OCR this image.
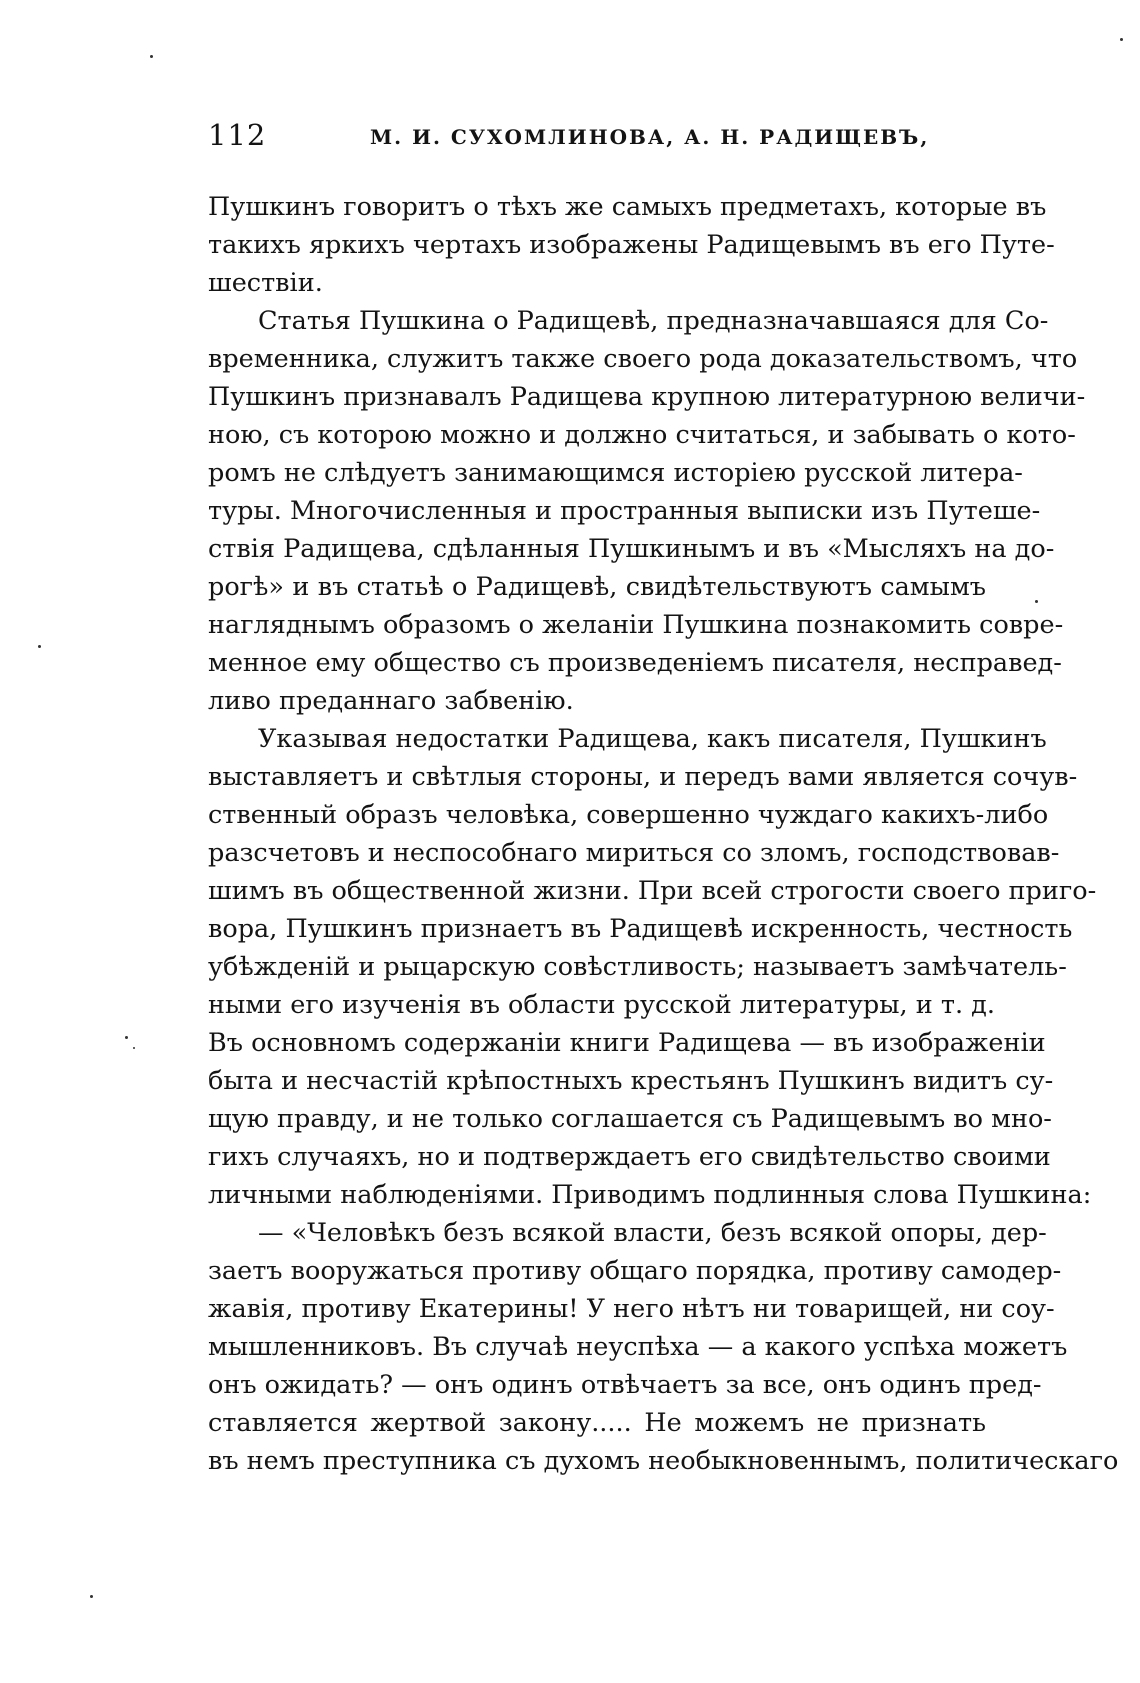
112	М. И. СУХОМЛИНОВА, А. Н. РАДИЩЕВЪ,
Пушкинъ говоритъ о тѣхъ же самыхъ предметахъ, которые въ
такихъ яркихъ чертахъ изображены Радищевымъ въ его Путе-
шествіи.
Статья Пушкина о Радищевѣ, предназначавшаяся для Со-
временника, служитъ также своего рода доказательствомъ, что
Пушкинъ признавалъ Радищева крупною литературною величи-
ною, съ которою можно и должно считаться, и забывать о кото-
ромъ не слѣдуетъ занимающимся исторіею русской литера-
туры. Многочисленныя и пространныя выписки изъ Путеше-
ствія Радищева, сдѣланныя Пушкинымъ и въ «Мысляхъ на до-
рогѣ» и въ статьѣ о Радищевѣ, свидѣтельствуютъ самымъ
нагляднымъ образомъ о желаніи Пушкина познакомить совре-
менное ему общество съ произведеніемъ писателя, несправед-
ливо преданнаго забвенію.
Указывая недостатки Радищева, какъ писателя, Пушкинъ
выставляетъ и свѣтлыя стороны, и передъ вами является сочув-
ственный образъ человѣка, совершенно чуждаго какихъ-либо
разсчетовъ и неспособнаго мириться со зломъ, господствовав-
шимъ въ общественной жизни. При всей строгости своего приго-
вора, Пушкинъ признаетъ въ Радищевѣ искренность, честность
убѣжденій и рыцарскую совѣстливость; называетъ замѣчатель-
ными его изученія въ области русской литературы, и т. д.
Въ основномъ содержаніи книги Радищева — въ изображеніи
быта и несчастій крѣпостныхъ крестьянъ Пушкинъ видитъ су-
щую правду, и не только соглашается съ Радищевымъ во мно-
гихъ случаяхъ, но и подтверждаетъ его свидѣтельство своими
личными наблюденіями. Приводимъ подлинныя слова Пушкина:
— «Человѣкъ безъ всякой власти, безъ всякой опоры, дер-
заетъ вооружаться противу общаго порядка, противу самодер-
жавія, противу Екатерины! У него нѣтъ ни товарищей, ни соу-
мышленниковъ. Въ случаѣ неуспѣха — а какого успѣха можетъ
онъ ожидать? — онъ одинъ отвѣчаетъ за все, онъ одинъ пред-
ставляется жертвой закону..... Не можемъ не признать
въ немъ преступника съ духомъ необыкновеннымъ, политическаго
